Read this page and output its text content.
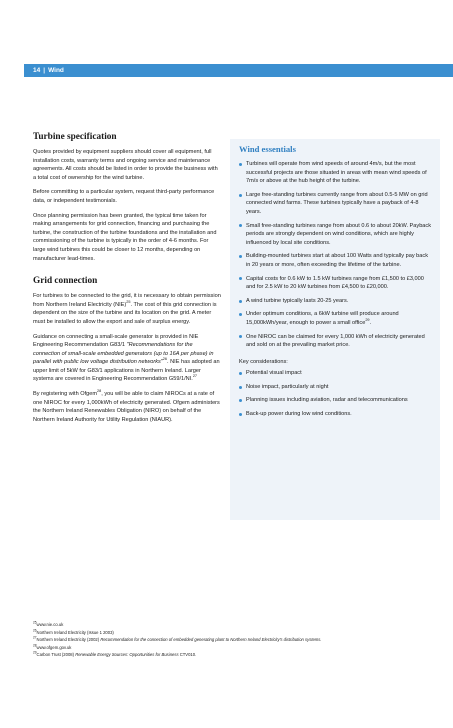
14 | Wind
Turbine specification

Quotes provided by equipment suppliers should cover all equipment, full installation costs, warranty terms and ongoing service and maintenance agreements. All costs should be listed in order to provide the business with a total cost of ownership for the wind turbine.

Before committing to a particular system, request third-party performance data, or independent testimonials.

Once planning permission has been granted, the typical time taken for making arrangements for grid connection, financing and purchasing the turbine, the construction of the turbine foundations and the installation and commissioning of the turbine is typically in the order of 4-6 months. For large wind turbines this could be closer to 12 months, depending on manufacturer lead-times.

Grid connection

For turbines to be connected to the grid, it is necessary to obtain permission from Northern Ireland Electricity (NIE)$^{25}$. The cost of this grid connection is dependent on the size of the turbine and its location on the grid. A meter must be installed to allow the export and sale of surplus energy.

Guidance on connecting a small-scale generator is provided in NIE Engineering Recommendation G83/1 "Recommendations for the connection of small-scale embedded generators (up to 16A per phase) in parallel with public low voltage distribution networks"$^{26}$. NIE has adopted an upper limit of 5kW for G83/1 applications in Northern Ireland. Larger systems are covered in Engineering Recommendation G59/1/NI.$^{27}$

By registering with Ofgem$^{28}$, you will be able to claim NIROCs at a rate of one NIROC for every 1,000kWh of electricity generated. Ofgem administers the Northern Ireland Renewables Obligation (NIRO) on behalf of the Northern Ireland Authority for Utility Regulation (NIAUR).

Wind essentials
Turbines will operate from wind speeds of around 4m/s, but the most successful projects are those situated in areas with mean wind speeds of 7m/s or above at the hub height of the turbine.
Large free-standing turbines currently range from about 0.5-5 MW on grid connected wind farms. These turbines typically have a payback of 4-8 years.
Small free-standing turbines range from about 0.6 to about 20kW. Payback periods are strongly dependent on wind conditions, which are highly influenced by local site conditions.
Building-mounted turbines start at about 100 Watts and typically pay back in 20 years or more, often exceeding the lifetime of the turbine.
Capital costs for 0.6 kW to 1.5 kW turbines range from £1,500 to £3,000 and for 2.5 kW to 20 kW turbines from £4,500 to £20,000.
A wind turbine typically lasts 20-25 years.
Under optimum conditions, a 6kW turbine will produce around 15,000kWh/year, enough to power a small office$^{29}$.
One NIROC can be claimed for every 1,000 kWh of electricity generated and sold on at the prevailing market price.
Key considerations:
Potential visual impact
Noise impact, particularly at night
Planning issues including aviation, radar and telecommunications
Back-up power during low wind conditions.
$^{25}$www.nie.co.uk
$^{26}$Northern Ireland Electricity (Issue 1 2003)
$^{27}$Northern Ireland Electricity (2002) Recommendation for the connection of embedded generating plant to Northern Ireland Electricity's distribution systems.
$^{28}$www.ofgem.gov.uk
$^{29}$Carbon Trust (2008) Renewable Energy Sources: Opportunities for Business CTV010.
